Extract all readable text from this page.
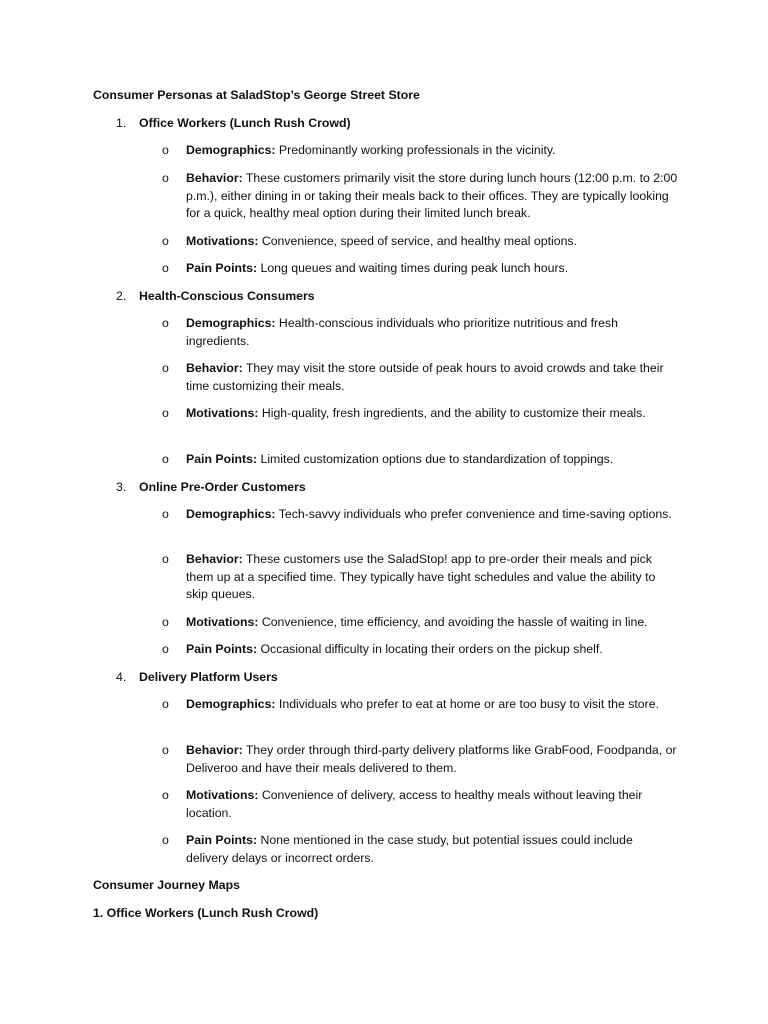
Consumer Personas at SaladStop’s George Street Store
1. Office Workers (Lunch Rush Crowd)
o Demographics: Predominantly working professionals in the vicinity.
o Behavior: These customers primarily visit the store during lunch hours (12:00 p.m. to 2:00 p.m.), either dining in or taking their meals back to their offices. They are typically looking for a quick, healthy meal option during their limited lunch break.
o Motivations: Convenience, speed of service, and healthy meal options.
o Pain Points: Long queues and waiting times during peak lunch hours.
2. Health-Conscious Consumers
o Demographics: Health-conscious individuals who prioritize nutritious and fresh ingredients.
o Behavior: They may visit the store outside of peak hours to avoid crowds and take their time customizing their meals.
o Motivations: High-quality, fresh ingredients, and the ability to customize their meals.
o Pain Points: Limited customization options due to standardization of toppings.
3. Online Pre-Order Customers
o Demographics: Tech-savvy individuals who prefer convenience and time-saving options.
o Behavior: These customers use the SaladStop! app to pre-order their meals and pick them up at a specified time. They typically have tight schedules and value the ability to skip queues.
o Motivations: Convenience, time efficiency, and avoiding the hassle of waiting in line.
o Pain Points: Occasional difficulty in locating their orders on the pickup shelf.
4. Delivery Platform Users
o Demographics: Individuals who prefer to eat at home or are too busy to visit the store.
o Behavior: They order through third-party delivery platforms like GrabFood, Foodpanda, or Deliveroo and have their meals delivered to them.
o Motivations: Convenience of delivery, access to healthy meals without leaving their location.
o Pain Points: None mentioned in the case study, but potential issues could include delivery delays or incorrect orders.
Consumer Journey Maps
1. Office Workers (Lunch Rush Crowd)
